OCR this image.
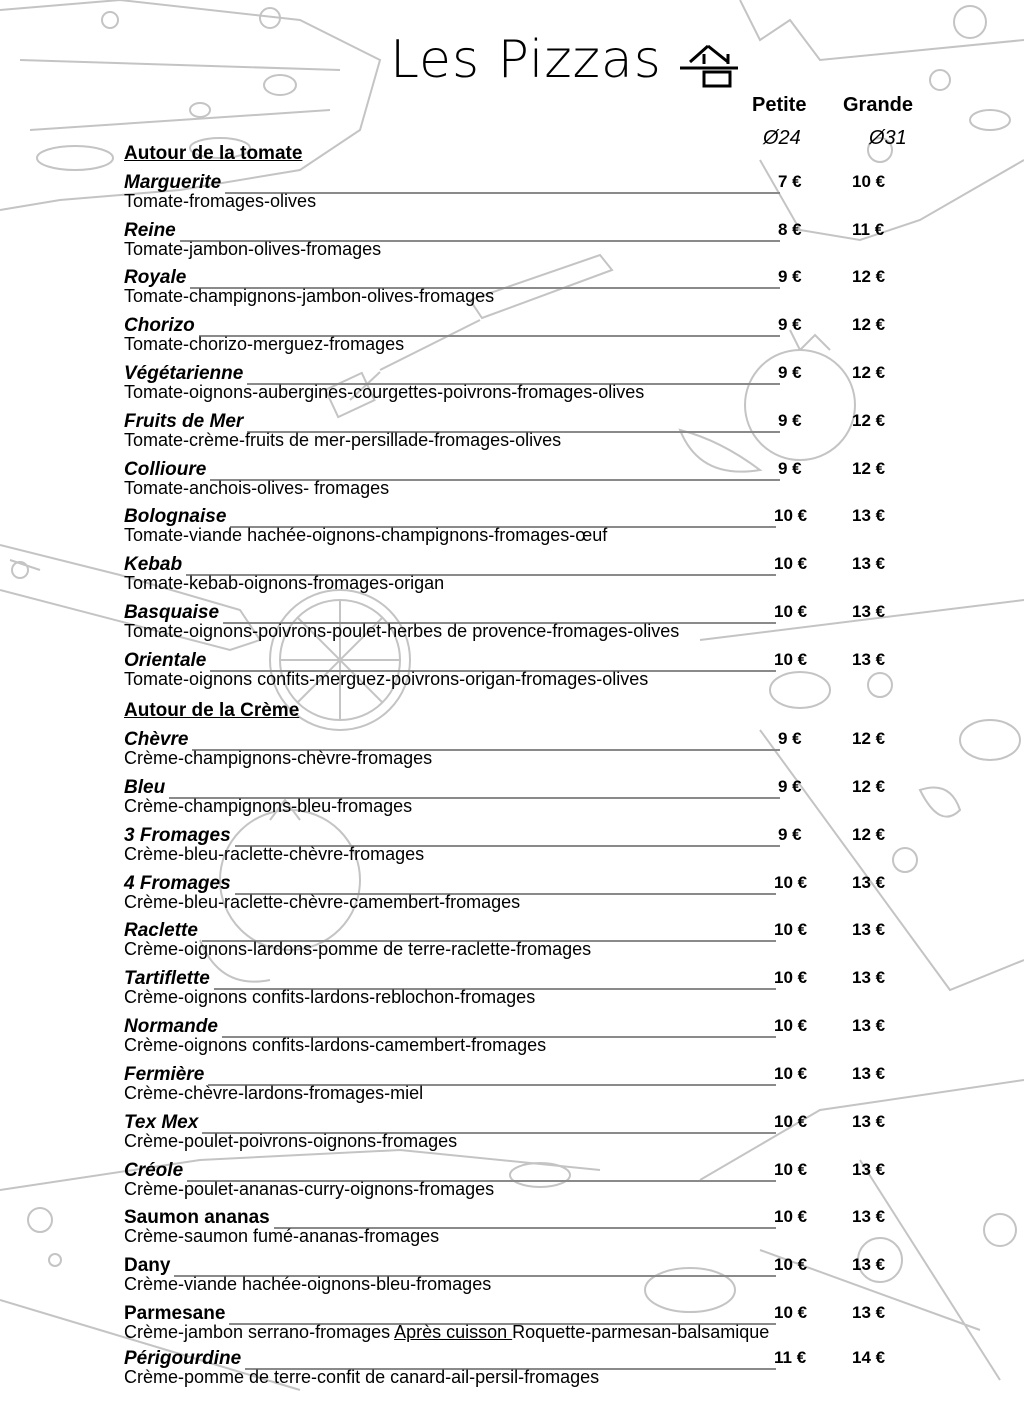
Les Pizzas
Petite Grande
Ø24	Ø31
Autour de la tomate
Autour de la Crème
Marguerite	7 €	10 €
Tomate-fromages-olives
Reine	8 €	11 €
Tomate-jambon-olives-fromages
Royale	9 €	12 €
Tomate-champignons-jambon-olives-fromages
Chorizo	9 €	12 €
Tomate-chorizo-merguez-fromages
Végétarienne	9 €	12 €
Tomate-oignons-aubergines-courgettes-poivrons-fromages-olives
Fruits de Mer	9 €	12 €
Tomate-crème-fruits de mer-persillade-fromages-olives
Collioure	9 €	12 €
Tomate-anchois-olives- fromages
Bolognaise	10 €	13 €
Tomate-viande hachée-oignons-champignons-fromages-œuf
Kebab	10 €	13 €
Tomate-kebab-oignons-fromages-origan
Basquaise	10 €	13 €
Tomate-oignons-poivrons-poulet-herbes de provence-fromages-olives
Orientale	10 €	13 €
Tomate-oignons confits-merguez-poivrons-origan-fromages-olives
Chèvre	9 €	12 €
Crème-champignons-chèvre-fromages
Bleu	9 €	12 €
Crème-champignons-bleu-fromages
3 Fromages	9 €	12 €
Crème-bleu-raclette-chèvre-fromages
4 Fromages	10 €	13 €
Crème-bleu-raclette-chèvre-camembert-fromages
Raclette	10 €	13 €
Crème-oignons-lardons-pomme de terre-raclette-fromages
Tartiflette	10 €	13 €
Crème-oignons confits-lardons-reblochon-fromages
Normande	10 €	13 €
Crème-oignons confits-lardons-camembert-fromages
Fermière	10 €	13 €
Crème-chèvre-lardons-fromages-miel
Tex Mex	10 €	13 €
Crème-poulet-poivrons-oignons-fromages
Créole	10 €	13 €
Crème-poulet-ananas-curry-oignons-fromages
Saumon ananas	10 €	13 €
Crème-saumon fumé-ananas-fromages
Dany	10 €	13 €
Crème-viande hachée-oignons-bleu-fromages
Parmesane	10 €	13 €
Crème-jambon serrano-fromages Après cuisson Roquette-parmesan-balsamique
Périgourdine	11 €	14 €
Crème-pomme de terre-confit de canard-ail-persil-fromages
